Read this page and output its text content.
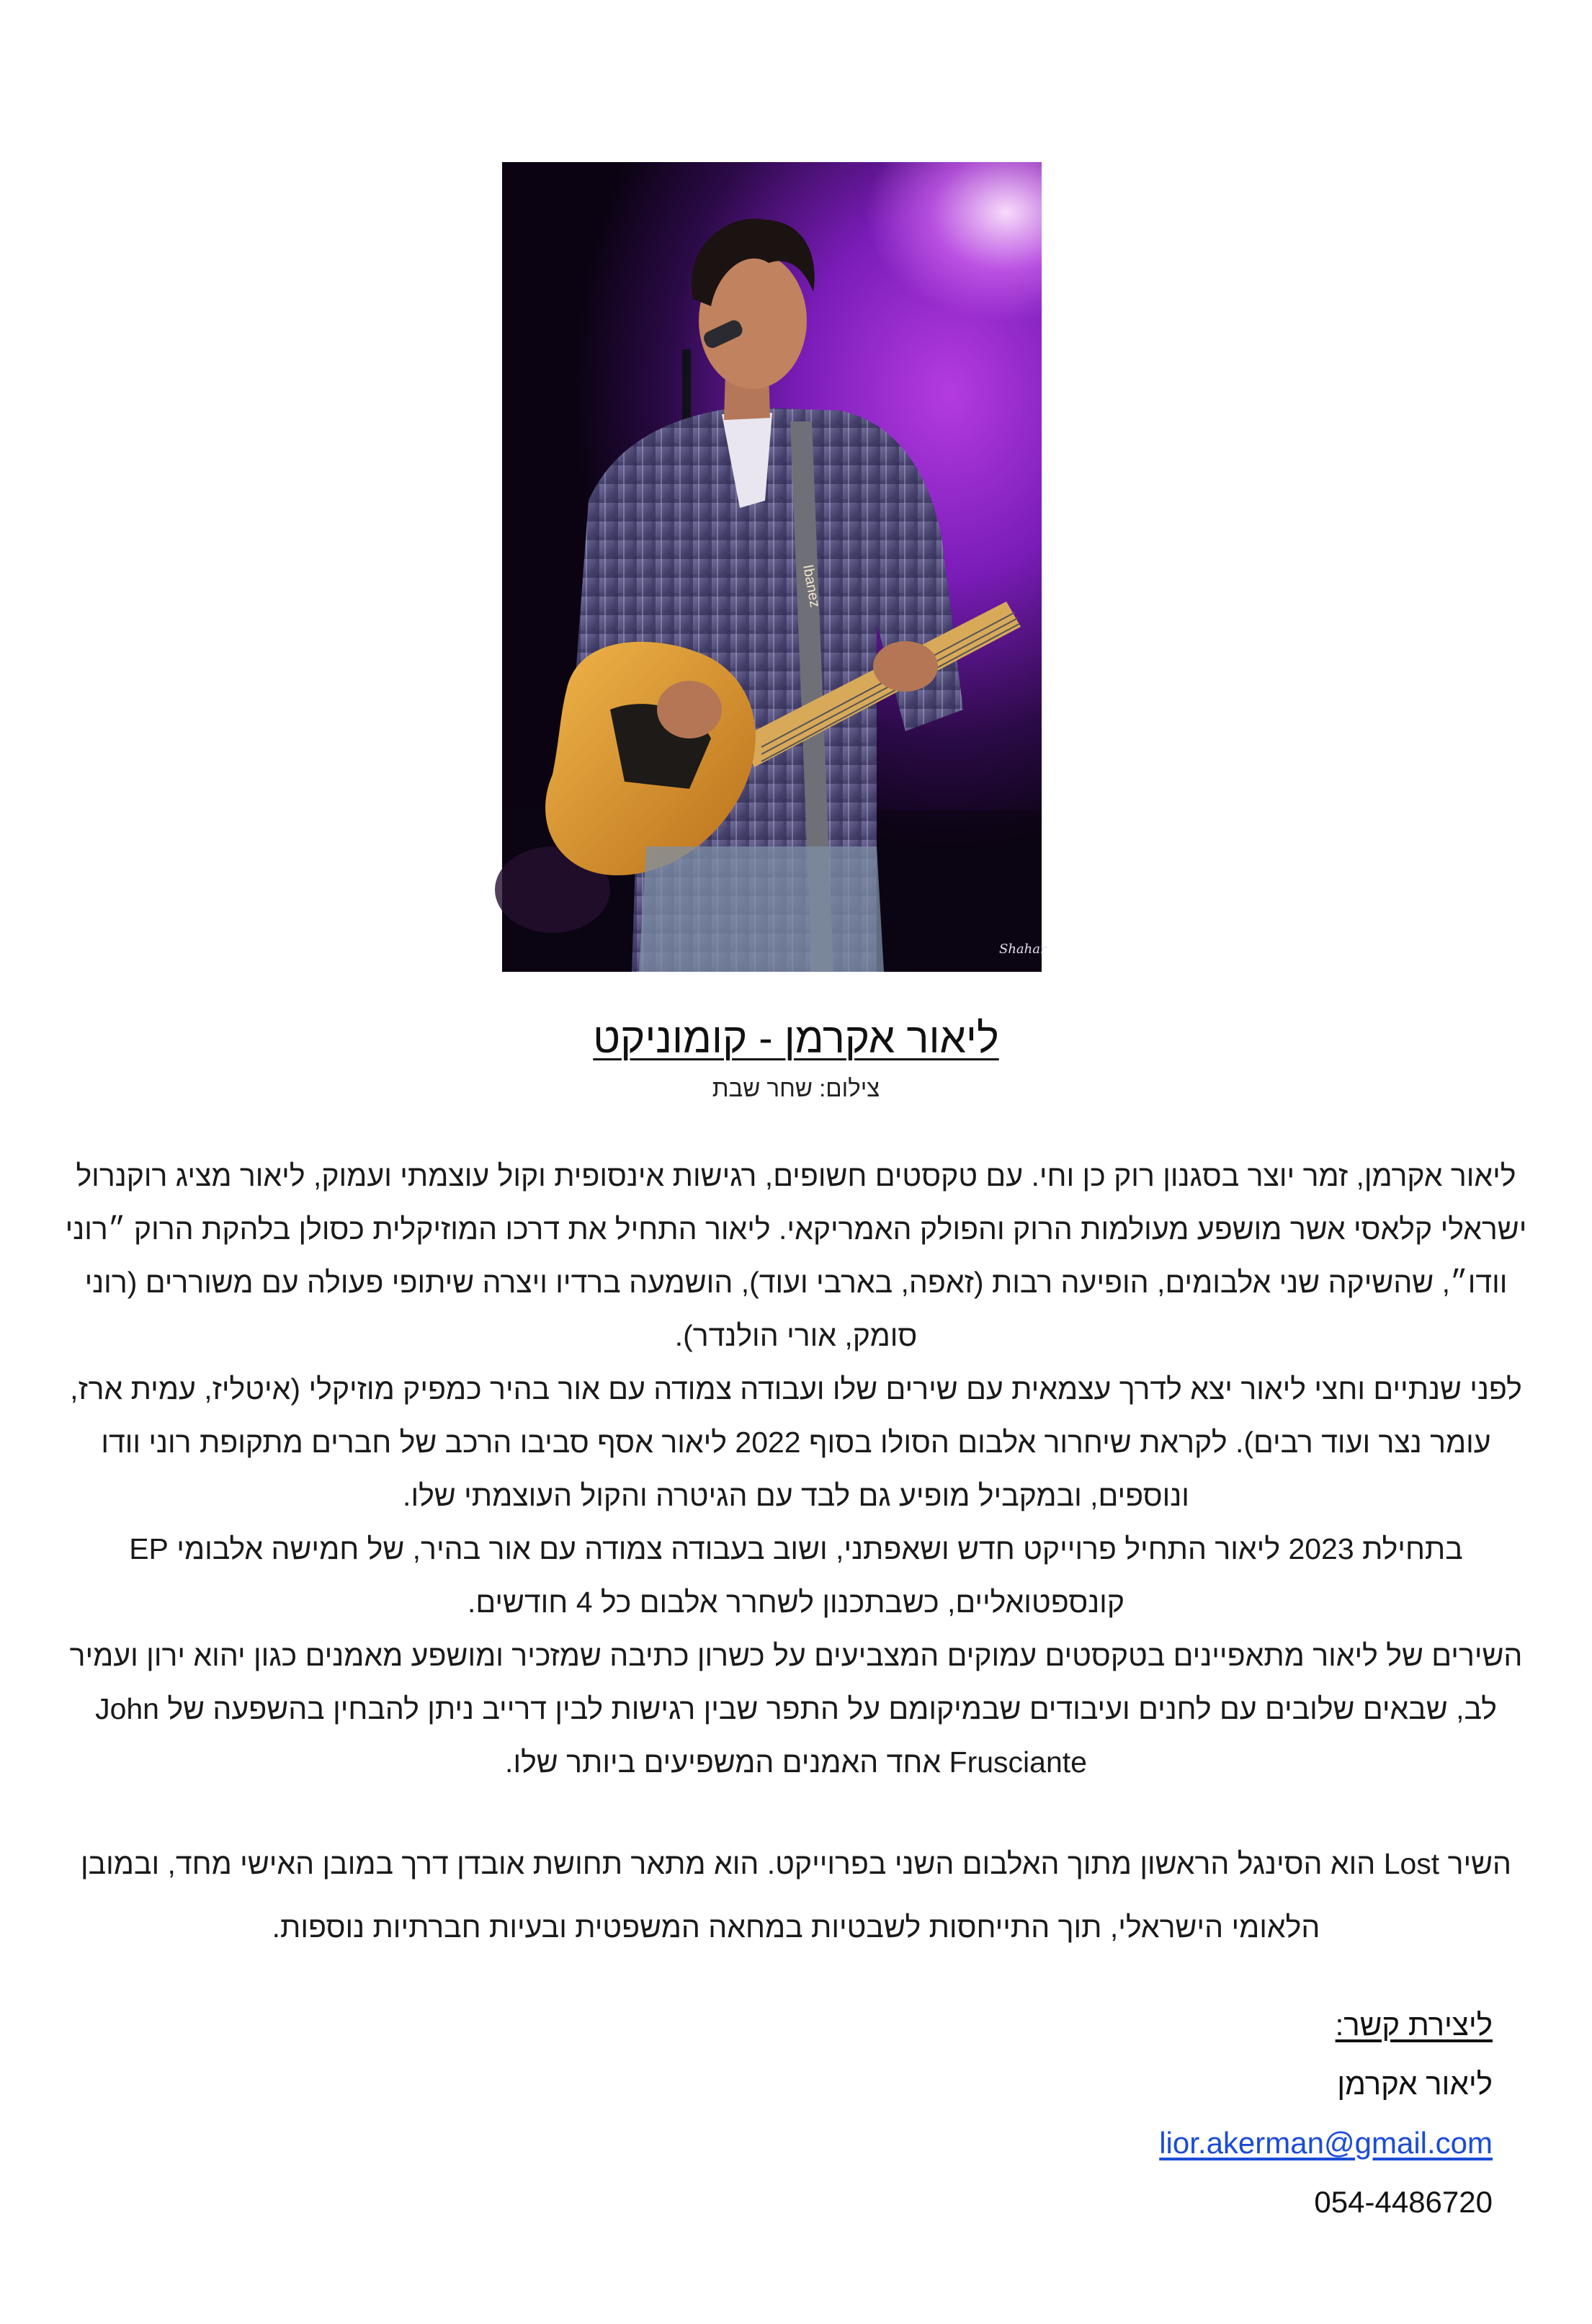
Ibanez
Shahar
ליאור אקרמן - קומוניקט
צילום: שחר שבת

ליאור אקרמן, זמר יוצר בסגנון רוק כן וחי. עם טקסטים חשופים, רגישות אינסופית וקול עוצמתי ועמוק, ליאור מציג רוקנרול ישראלי קלאסי אשר מושפע מעולמות הרוק והפולק האמריקאי. ליאור התחיל את דרכו המוזיקלית כסולן בלהקת הרוק ״רוני וודו״, שהשיקה שני אלבומים, הופיעה רבות (זאפה, בארבי ועוד), הושמעה ברדיו ויצרה שיתופי פעולה עם משוררים (רוני סומק, אורי הולנדר).

לפני שנתיים וחצי ליאור יצא לדרך עצמאית עם שירים שלו ועבודה צמודה עם אור בהיר כמפיק מוזיקלי (איטליז, עמית ארז, עומר נצר ועוד רבים). לקראת שיחרור אלבום הסולו בסוף 2022 ליאור אסף סביבו הרכב של חברים מתקופת רוני וודו ונוספים, ובמקביל מופיע גם לבד עם הגיטרה והקול העוצמתי שלו.

בתחילת 2023 ליאור התחיל פרוייקט חדש ושאפתני, ושוב בעבודה צמודה עם אור בהיר, של חמישה אלבומי EP קונספטואליים, כשבתכנון לשחרר אלבום כל 4 חודשים.

השירים של ליאור מתאפיינים בטקסטים עמוקים המצביעים על כשרון כתיבה שמזכיר ומושפע מאמנים כגון יהוא ירון ועמיר לב, שבאים שלובים עם לחנים ועיבודים שבמיקומם על התפר שבין רגישות לבין דרייב ניתן להבחין בהשפעה של John Frusciante אחד האמנים המשפיעים ביותר שלו.

השיר Lost הוא הסינגל הראשון מתוך האלבום השני בפרוייקט. הוא מתאר תחושת אובדן דרך במובן האישי מחד, ובמובן הלאומי הישראלי, תוך התייחסות לשבטיות במחאה המשפטית ובעיות חברתיות נוספות.

ליצירת קשר:
ליאור אקרמן
lior.akerman@gmail.com
054-4486720
